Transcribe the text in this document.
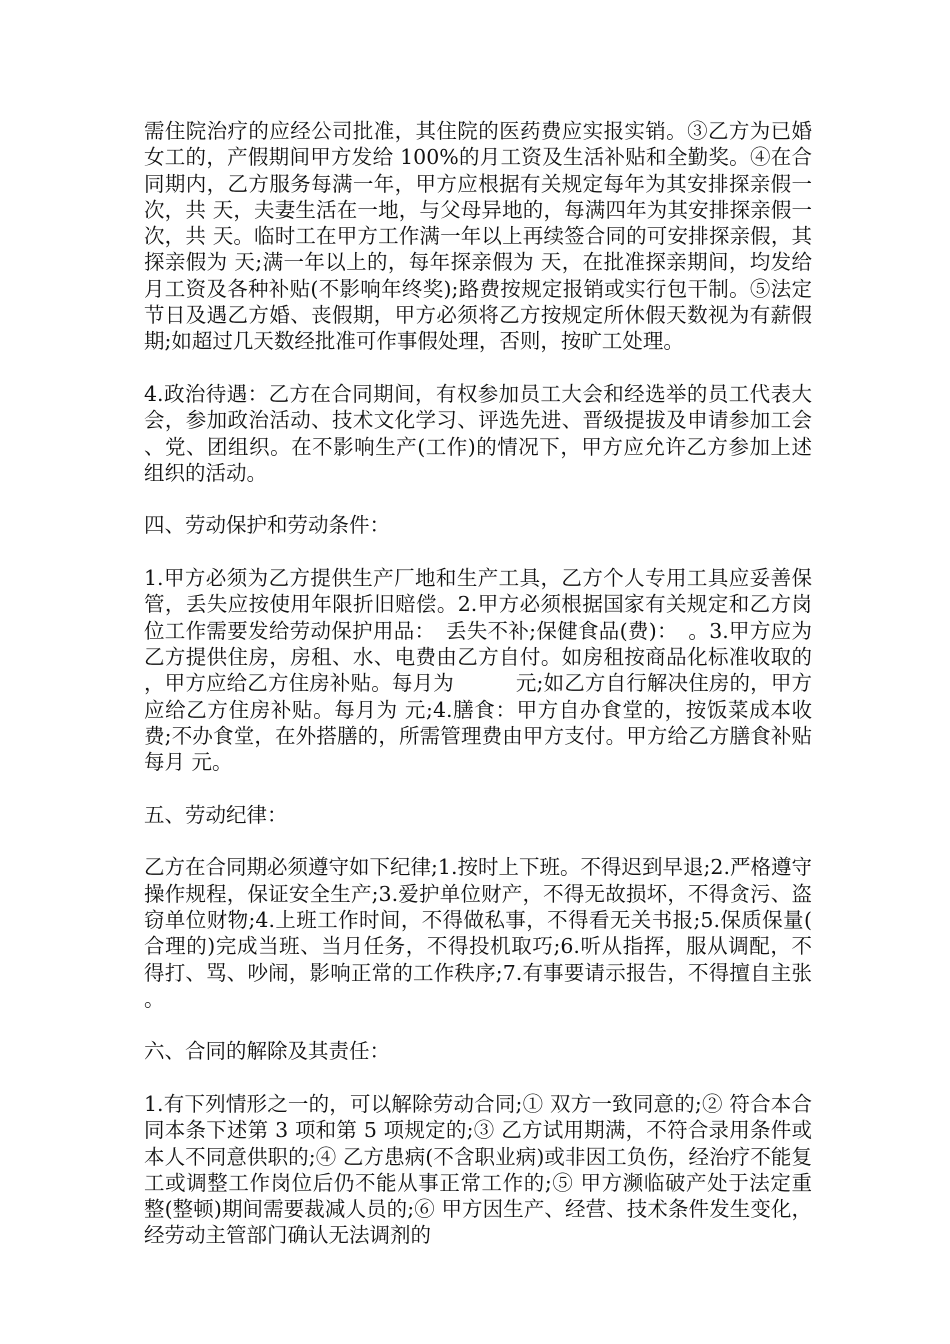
需住院治疗的应经公司批准，其住院的医药费应实报实销。③乙方为已婚女工的，产假期间甲方发给 100%的月工资及生活补贴和全勤奖。④在合同期内，乙方服务每满一年，甲方应根据有关规定每年为其安排探亲假一次，共 天，夫妻生活在一地，与父母异地的，每满四年为其安排探亲假一次，共 天。临时工在甲方工作满一年以上再续签合同的可安排探亲假，其探亲假为 天;满一年以上的，每年探亲假为 天，在批准探亲期间，均发给月工资及各种补贴(不影响年终奖);路费按规定报销或实行包干制。⑤法定节日及遇乙方婚、丧假期，甲方必须将乙方按规定所休假天数视为有薪假期;如超过几天数经批准可作事假处理，否则，按旷工处理。

4.政治待遇：乙方在合同期间，有权参加员工大会和经选举的员工代表大会，参加政治活动、技术文化学习、评选先进、晋级提拔及申请参加工会、党、团组织。在不影响生产(工作)的情况下，甲方应允许乙方参加上述组织的活动。

四、劳动保护和劳动条件：

1.甲方必须为乙方提供生产厂地和生产工具，乙方个人专用工具应妥善保管，丢失应按使用年限折旧赔偿。2.甲方必须根据国家有关规定和乙方岗位工作需要发给劳动保护用品：　丢失不补;保健食品(费)：　。3.甲方应为乙方提供住房，房租、水、电费由乙方自付。如房租按商品化标准收取的，甲方应给乙方住房补贴。每月为　　　元;如乙方自行解决住房的，甲方应给乙方住房补贴。每月为 元;4.膳食：甲方自办食堂的，按饭菜成本收费;不办食堂，在外搭膳的，所需管理费由甲方支付。甲方给乙方膳食补贴每月 元。

五、劳动纪律：

乙方在合同期必须遵守如下纪律;1.按时上下班。不得迟到早退;2.严格遵守操作规程，保证安全生产;3.爱护单位财产，不得无故损坏，不得贪污、盗窃单位财物;4.上班工作时间，不得做私事，不得看无关书报;5.保质保量(合理的)完成当班、当月任务，不得投机取巧;6.听从指挥，服从调配，不得打、骂、吵闹，影响正常的工作秩序;7.有事要请示报告，不得擅自主张。

六、合同的解除及其责任：

1.有下列情形之一的，可以解除劳动合同;① 双方一致同意的;② 符合本合同本条下述第 3 项和第 5 项规定的;③ 乙方试用期满，不符合录用条件或本人不同意供职的;④ 乙方患病(不含职业病)或非因工负伤，经治疗不能复工或调整工作岗位后仍不能从事正常工作的;⑤ 甲方濒临破产处于法定重整(整顿)期间需要裁减人员的;⑥ 甲方因生产、经营、技术条件发生变化，经劳动主管部门确认无法调剂的
